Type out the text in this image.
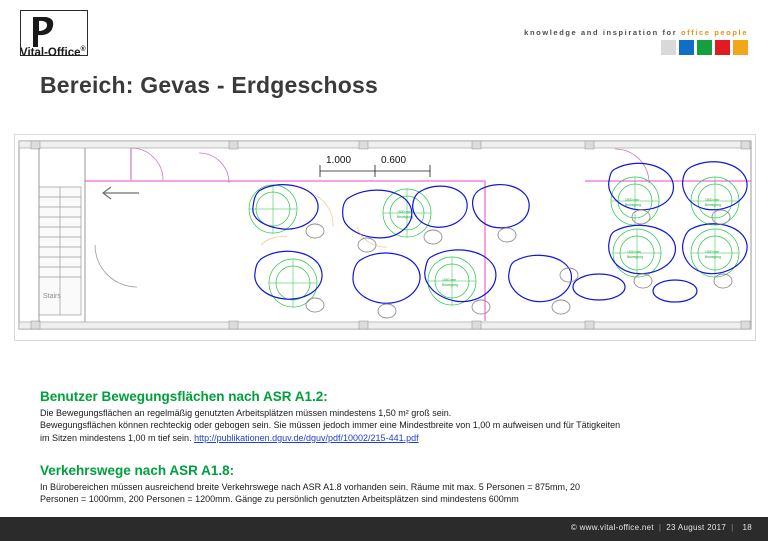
Vital-Office®
knowledge and inspiration for office people
Bereich: Gevas - Erdgeschoss
Stairs
1.000	0.600
1500 mm
Bewegung
1500 mm
Bewegung
1500 mm
Bewegung
1500 mm
Bewegung
1500 mm
Bewegung
1500 mm
Bewegung

Benutzer Bewegungsflächen nach ASR A1.2:

Die Bewegungsflächen an regelmäßig genutzten Arbeitsplätzen müssen mindestens 1,50 m² groß sein.

Bewegungsflächen können rechteckig oder gebogen sein. Sie müssen jedoch immer eine Mindestbreite von 1,00 m aufweisen und für Tätigkeiten

im Sitzen mindestens 1,00 m tief sein. http://publikationen.dguv.de/dguv/pdf/10002/215-441.pdf

Verkehrswege nach ASR A1.8:

In Bürobereichen müssen ausreichend breite Verkehrswege nach ASR A1.8 vorhanden sein. Räume mit max. 5 Personen = 875mm, 20

Personen = 1000mm, 200 Personen = 1200mm. Gänge zu persönlich genutzten Arbeitsplätzen sind mindestens 600mm

© www.vital-office.net | 23 August 2017 | 18
